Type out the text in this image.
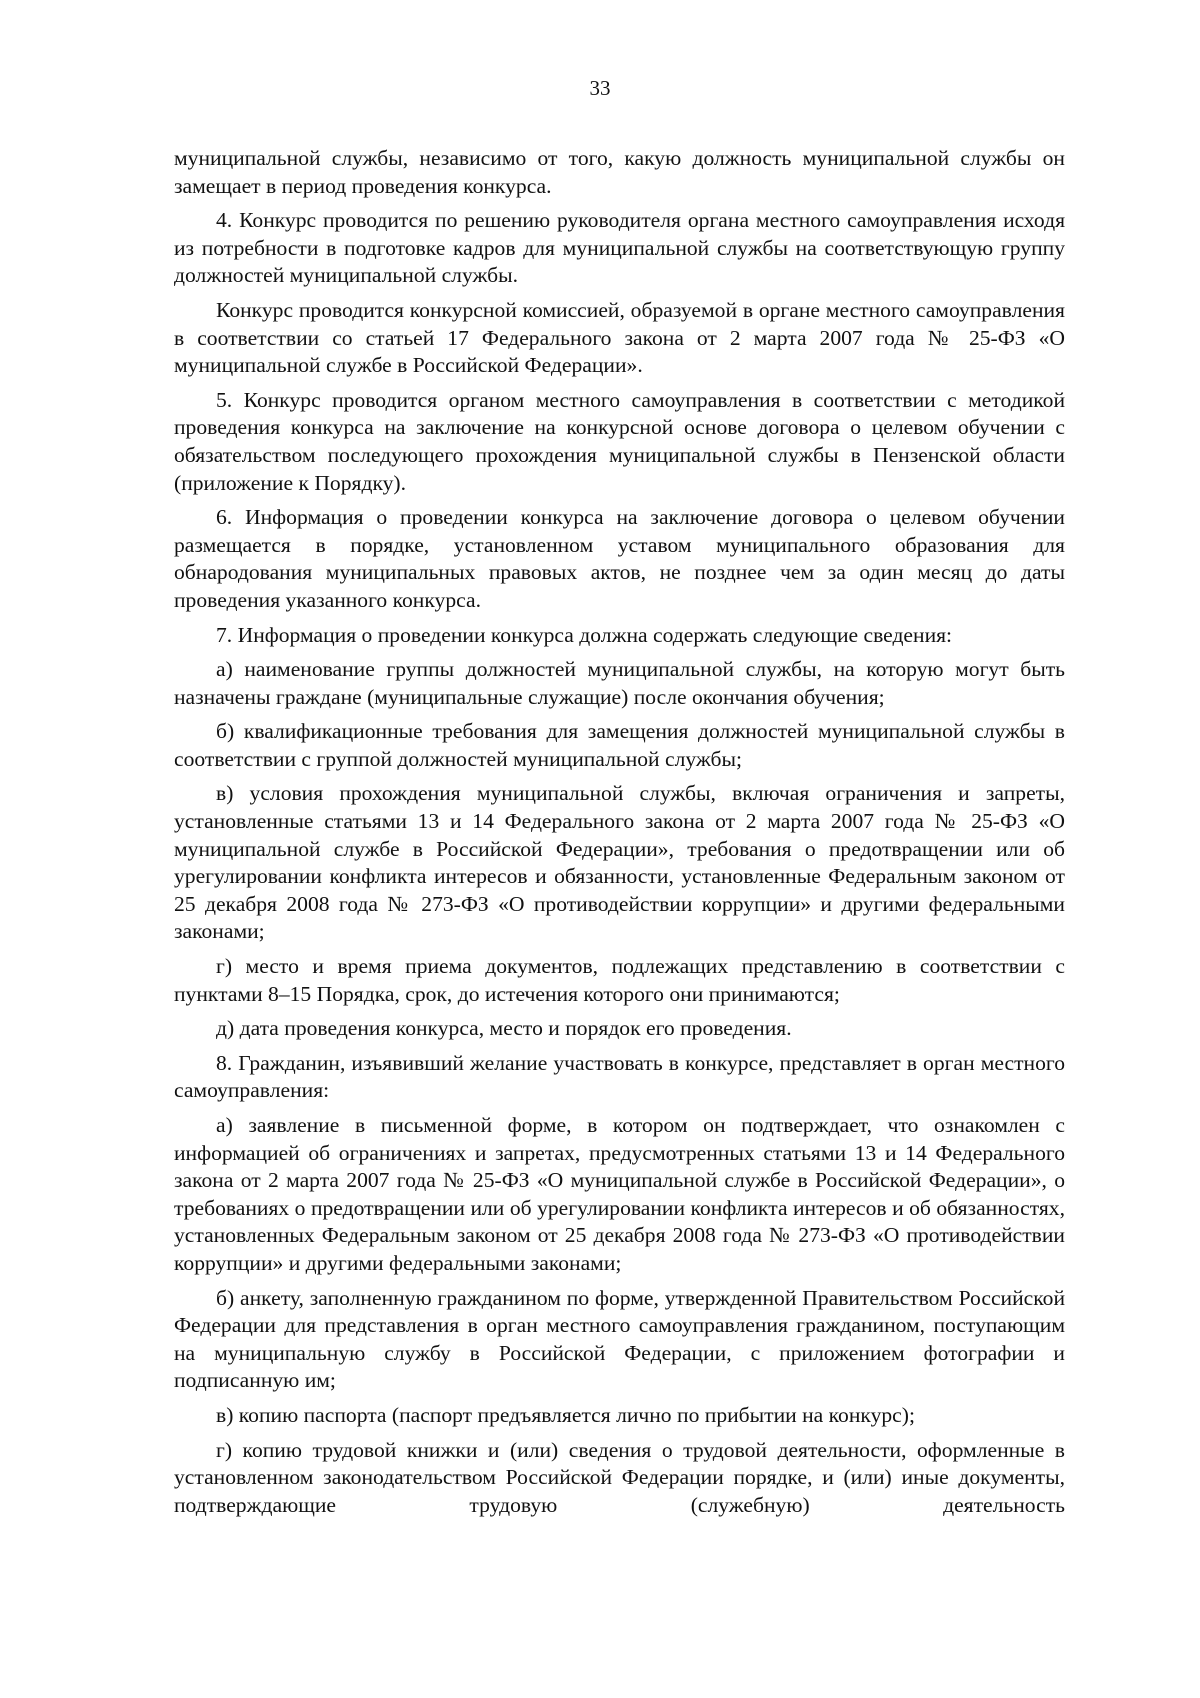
33

муниципальной службы, независимо от того, какую должность муниципальной службы он замещает в период проведения конкурса.

4. Конкурс проводится по решению руководителя органа местного самоуправления исходя из потребности в подготовке кадров для муниципальной службы на соответствующую группу должностей муниципальной службы.

Конкурс проводится конкурсной комиссией, образуемой в органе местного самоуправления в соответствии со статьей 17 Федерального закона от 2 марта 2007 года № 25-ФЗ «О муниципальной службе в Российской Федерации».

5. Конкурс проводится органом местного самоуправления в соответствии с методикой проведения конкурса на заключение на конкурсной основе договора о целевом обучении с обязательством последующего прохождения муниципальной службы в Пензенской области (приложение к Порядку).

6. Информация о проведении конкурса на заключение договора о целевом обучении размещается в порядке, установленном уставом муниципального образования для обнародования муниципальных правовых актов, не позднее чем за один месяц до даты проведения указанного конкурса.

7. Информация о проведении конкурса должна содержать следующие сведения:

а) наименование группы должностей муниципальной службы, на которую могут быть назначены граждане (муниципальные служащие) после окончания обучения;

б) квалификационные требования для замещения должностей муниципальной службы в соответствии с группой должностей муниципальной службы;

в) условия прохождения муниципальной службы, включая ограничения и запреты, установленные статьями 13 и 14 Федерального закона от 2 марта 2007 года № 25-ФЗ «О муниципальной службе в Российской Федерации», требования о предотвращении или об урегулировании конфликта интересов и обязанности, установленные Федеральным законом от 25 декабря 2008 года № 273-ФЗ «О противодействии коррупции» и другими федеральными законами;

г) место и время приема документов, подлежащих представлению в соответствии с пунктами 8–15 Порядка, срок, до истечения которого они принимаются;

д) дата проведения конкурса, место и порядок его проведения.

8. Гражданин, изъявивший желание участвовать в конкурсе, представляет в орган местного самоуправления:

а) заявление в письменной форме, в котором он подтверждает, что ознакомлен с информацией об ограничениях и запретах, предусмотренных статьями 13 и 14 Федерального закона от 2 марта 2007 года № 25-ФЗ «О муниципальной службе в Российской Федерации», о требованиях о предотвращении или об урегулировании конфликта интересов и об обязанностях, установленных Федеральным законом от 25 декабря 2008 года № 273-ФЗ «О противодействии коррупции» и другими федеральными законами;

б) анкету, заполненную гражданином по форме, утвержденной Правительством Российской Федерации для представления в орган местного самоуправления гражданином, поступающим на муниципальную службу в Российской Федерации, с приложением фотографии и подписанную им;

в) копию паспорта (паспорт предъявляется лично по прибытии на конкурс);

г) копию трудовой книжки и (или) сведения о трудовой деятельности, оформленные в установленном законодательством Российской Федерации порядке, и (или) иные документы, подтверждающие трудовую (служебную) деятельность
